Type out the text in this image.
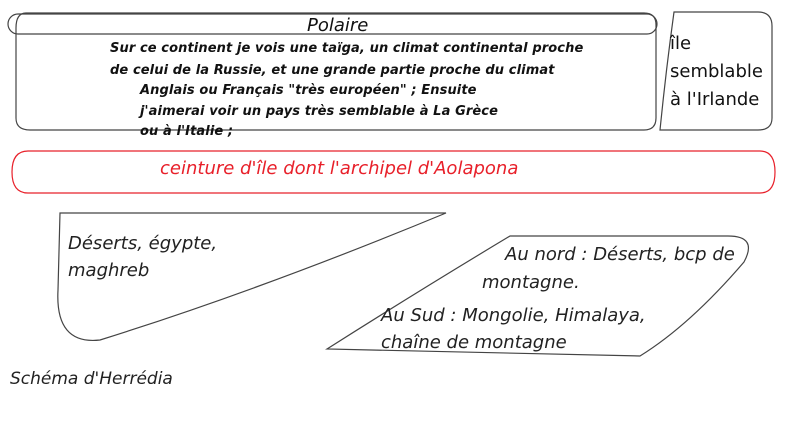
Polaire
Sur ce continent je vois une taïga, un climat continental proche
de celui de la Russie, et une grande partie proche du climat
Anglais ou Français "très européen" ; Ensuite
j'aimerai voir un pays très semblable à La Grèce
ou à l'Italie ;
île
semblable
à l'Irlande
ceinture d'île dont l'archipel d'Aolapona
Déserts, égypte,
maghreb
Au nord : Déserts, bcp de
montagne.
Au Sud : Mongolie, Himalaya,
chaîne de montagne
Schéma d'Herrédia
